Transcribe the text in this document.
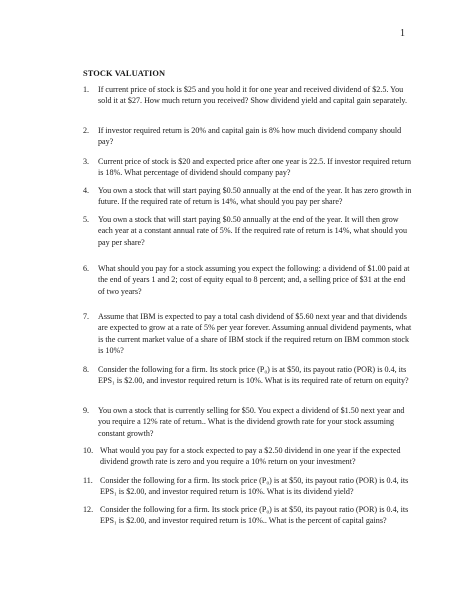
1
STOCK VALUATION
1. If current price of stock is $25 and you hold it for one year and received dividend of $2.5. You sold it at $27. How much return you received? Show dividend yield and capital gain separately.
2. If investor required return is 20% and capital gain is 8% how much dividend company should pay?
3. Current price of stock is $20 and expected price after one year is 22.5. If investor required return is 18%. What percentage of dividend should company pay?
4. You own a stock that will start paying $0.50 annually at the end of the year. It has zero growth in future. If the required rate of return is 14%, what should you pay per share?
5. You own a stock that will start paying $0.50 annually at the end of the year. It will then grow each year at a constant annual rate of 5%. If the required rate of return is 14%, what should you pay per share?
6. What should you pay for a stock assuming you expect the following: a dividend of $1.00 paid at the end of years 1 and 2; cost of equity equal to 8 percent; and, a selling price of $31 at the end of two years?
7. Assume that IBM is expected to pay a total cash dividend of $5.60 next year and that dividends are expected to grow at a rate of 5% per year forever. Assuming annual dividend payments, what is the current market value of a share of IBM stock if the required return on IBM common stock is 10%?
8. Consider the following for a firm. Its stock price (P₀) is at $50, its payout ratio (POR) is 0.4, its EPS₁ is $2.00, and investor required return is 10%. What is its required rate of return on equity?
9. You own a stock that is currently selling for $50. You expect a dividend of $1.50 next year and you require a 12% rate of return.. What is the dividend growth rate for your stock assuming constant growth?
10. What would you pay for a stock expected to pay a $2.50 dividend in one year if the expected dividend growth rate is zero and you require a 10% return on your investment?
11. Consider the following for a firm. Its stock price (P₀) is at $50, its payout ratio (POR) is 0.4, its EPS₁ is $2.00, and investor required return is 10%. What is its dividend yield?
12. Consider the following for a firm. Its stock price (P₀) is at $50, its payout ratio (POR) is 0.4, its EPS₁ is $2.00, and investor required return is 10%.. What is the percent of capital gains?
